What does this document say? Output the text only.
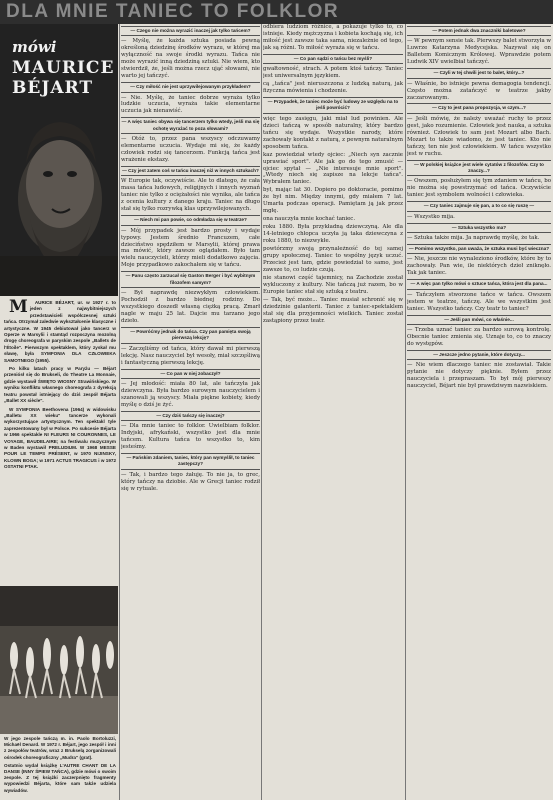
DLA MNIE TANIEC TO FOLKLOR
mówi
MAURICE
BÉJART

M AURICE BÉJART, ur. w 1927 r. to jeden z najwybitniejszych przedstawicieli współczesnej sztuki tańca. Otrzymał zaledwie wykształcenie klasyczne i artystyczne. W 1945 debiutował jako tancerz w Operze w Marsylii i stamtąd rozpoczyna mozolną drogę choreografa w paryskim zespole „Ballets de l'Étoile". Pierwszym spektaklem, który zyskał mu sławę, była SYMFONIA DLA CZŁOWIEKA SAMOTNEGO (1955).

Po kilku latach pracy w Paryżu — Béjart przeniósł się do Brukseli, do Theatre La Monnaie, gdzie wystawił ŚWIĘTO WIOSNY Strawińskiego. W wyniku konfliktu własnego choreografa z dyrekcją teatru powstał istniejący do dziś zespół Béjarta „Ballet XX siècle".

W SYMFONIA Beethovena (1964) w widowisku „Balletu XX wieku" tancerze wykonali wykorzystujące artystycznym. Ten spektakl tyle zaprezentowany był w Polsce. Po sukcesie Béjarta w 1966 spektakle NI FLEURS NI COURONNES, LE VOYAGE, BAUDELAIRE; na festiwalu muzycznym w Baden wystawił PRELUDIUM. W 1968 MESSE POUR LE TEMPS PRÉSENT, w 1970 NIJINSKY, KLOWN BOGA; w 1971 ACTUS TRAGICUS i w 1972 OSTATNI PTAK.

W jego zespole tańczą m. in. Paolo Bortoluzzi, Michaël Denard. W 1972 r. Béjart, jego zespół i inni z zespołów teatrów, wraz z Brukselą zorganizowali ośrodek choreograficzny „Mudra" (grat).

Ostatnio wydał książkę L'AUTRE CHANT DE LA DANSE (INNY ŚPIEW TAŃCA), gdzie mówi o swoim zespole. Z tej książki zaczerpnięto fragmenty wypowiedzi Béjarta, które sam także udziela wywiadów.

— Czego nie można wyrazić inaczej jak tylko tańcem?
— Myślę, że każda sztuka posiada pewną określoną dziedzinę środków wyrazu, w której ma wyłączność na swoje środki wyrazu. Tańca nie może wyrazić inną dziedziną sztuki. Nie wiem, kto stwierdził, że, jeśli można rzecz ująć słowami, nie warto jej tańczyć.
— Czy miłość nie jest uprzywilejowanym przykładem?
— Nie. Myślę, że taniec dobrze wyraża tylko ludzkie uczucia, wyraża takie elementarne uczucia jak nienawiść.
— A więc taniec obywa się tancerzem tylko wtedy, jeśli ma się ochotę wyrażać to poza słowami?
— Otóż to, przez pana wszyscy odczuwamy elementarne uczucia. Wydaje mi się, że każdy człowiek rodzi się tancerzem. Funkcją tańca jest wrażenie ekstazy.
— Czy jest zatem coś w tańcu inaczej niż w innych sztukach?
W Europie tak, oczywiście. Ale to dlatego, że cała masa tańca ludowych, religijnych i innych wyznań taniec nie tylko z ociężałości nie wynika, ale tańca z ocenia kultury z danego kraju. Taniec na długo stał się tylko rozrywką klas uprzywilejowanych.
— Niech mi pan powie, co odmładza się w teatrze?
— Mój przypadek jest bardzo prosty i wydaje typowy. Jestem średnio Francuzem, całe dzieciństwo spędziłem w Marsylii, której prawa ma mówić, który zawsze oglądałem. Było tam wielu nauczycieli, którzy mieli dodatkowo zajęcia. Moje przypadkowo zakochałem się w tańcu.
— Panu często zarzucał się Gaston Berger i być wybitnym filozofem samym?
— Był naprawdę niezwykłym człowiekiem. Pochodził z bardzo biednej rodziny. Do wszystkiego doszedł własną ciężką pracą. Zmarł nagle w maju 25 lat. Dajcie mu tarzano jego dzieło.
— Powróćmy jednak do tańca. Czy pan pamięta swoją pierwszą lekcję?
— Zaczęliśmy od tańca, który dawał mi pierwszą lekcję. Nasz nauczyciel był wesoły, miał szczęśliwą i fantastyczną pierwszą lekcję.
— Co pan w niej zobaczył?
— Jej młodość: miała 80 lat, ale tańczyła jak dziewczyna. Była bardzo surowym nauczycielem i szanowali ją wszyscy. Miała piękne kobiety, kiedy myślę o dziś je żyć.
— Czy dziś tańczy się inaczej?
— Dla mnie taniec to folklor. Uwielbiam folklor. Indyjski, afrykański, wszystko jest dla mnie tańcem. Kultura tańca to wszystko to, kim jesteśmy.
— Pańskim zdaniem, taniec, który pan wymyślił, to taniec zastępczy?
— Tak, i bardzo tego żałuję. To nie ja, to grec, który tańczy na dziobie. Ale w Grecji taniec rodził się w rytuale.
odbiera ludziom różnice, a pokazuje tylko to, co istnieje. Kiedy mężczyzna i kobieta kochają się, ich miłość jest zawsze taka sama, niezależnie od tego, jak są różni. To miłość wyraża się w tańcu.
— Co pan sądzi o tańcu bez myśli?
gwałtowność, strach. A potem ktoś tańczy. Taniec jest uniwersalnym językiem.
cą „tańca" jest nieruszczona z ludzką naturą, jak fizyczna mówienia i chodzenie.
— Przypadek, że taniec może być ludowy ze względu na to jeśli powrócić?
więc tego zasięgu, jaki miał lud powinien. Ale dzieci tańczą w sposób naturalny, który bardzo tańcu się wydaje. Wszystkie narody, które zachowały kontakt z naturą, z pewnym naturalnym sposobem tańca.
kaz powiedział wtedy ojciec: „Niech syn zacznie uprawiać sport". Ale jak go do tego zmusić — ojciec spytał — „Nie interesuje mnie sport". „Wtedy niech się zapisze na lekcje tańca". Wybrałem taniec.
był, mając lat 30. Dopiero po doktoracie, pomimo że był nim. Między innymi, gdy miałem 7 lat. Umarła podczas operacji. Pamiętam ją jak przez mgłę.
ona nauczyła mnie kochać taniec.
roku 1880. Była przykładną dziewczyną. Ale dla 14-letniego chłopca uczyła ją taka dziewczyna z roku 1880, to niezwykłe.
powtórzmy swoją przynależność do tej samej grupy społecznej. Taniec to wspólny język uczuć. Przecież jest tam, gdzie powiedział to samo, jest zawsze to, co ludzie czują.
nie stanowi część tajemnicy, na Zachodzie został wykluczony z kultury. Nie tańczą już razem, bo w Europie taniec stał się sztuką z teatru.
— Tak, być może... Taniec musiał schronić się w dziedzinie galanterii. Taniec z taniec-spektaklem stał się dla przyjemności wielkich. Taniec został zastąpiony przez teatr.
— Potem jednak dwa znaczniki baletowe?
— W pewnym sensie tak. Pierwszy balet stworzyła w Luwrze Katarzyna Medycejska. Nazywał się on Balletem Komicznym Królowej. Wprawdzie potem Ludwik XIV uwielbiał tańczyć.
— Czyli w tej chwili jest to balet, który...?
— Właśnie, bo istnieje pewna demagogia tendencji. Często można zatańczyć w teatrze jakby zaczarowanym.
— Czy to jest pana propozycja, w czym...?
— Jeśli mówię, że należy uważać ruchy to przez gest, jako rozumienie. Człowiek jest nauka, a sztuka również. Człowiek to sam jest Mozart albo Bach. Mozart to także wiadomo, że jest taniec. Kto nie tańczy, ten nie jest człowiekiem. W tańcu wszystko jest w ruchu.
— W polskiej książce jest wiele cytatów z filozofów. Czy to znaczy...?
— Owszem, posłużyłem się tym zdaniem w tańcu, bo nie można się powstrzymać od tańca. Oczywiście taniec jest symbolem wolności i człowieka.
— Czy taniec zajmuje się pan, a to co się ruszę —
— Wszystko mija.
— Sztuka wszystko ma?
— Sztuka także mija. Ja naprawdę myślę, że tak.
— Pomimo wszystko, pan uważa, że sztuka musi być wieczna?
— Nie, jeszcze nie wynaleziono środków, które by to zachowały. Pan wie, ile niektórych dzieł zniknęło. Tak jak taniec.
— A więc pan tylko mówi o sztuce tańca, która jest dla pana...
— Tańczyłem stworzone tańce w tańcu. Owszem jestem w teatrze, tańczę. Ale we wszystkim jest taniec. Wszystko tańczy. Czy teatr to taniec?
— Jeśli pan mówi, co właśnie...
— Trzeba uznać taniec za bardzo surową kontrolę. Obecnie taniec zmienia się. Uznaje to, co to znaczy do występów.
— Jeszcze jedno pytanie, które dotyczy...
— Nie wiem dlaczego taniec nie zostawiał. Takie pytanie nie dotyczy pięknie. Byłem przez nauczyciela i przepraszam. To był mój pierwszy nauczyciel, Béjart nie był prawdziwym nazwiskiem.
